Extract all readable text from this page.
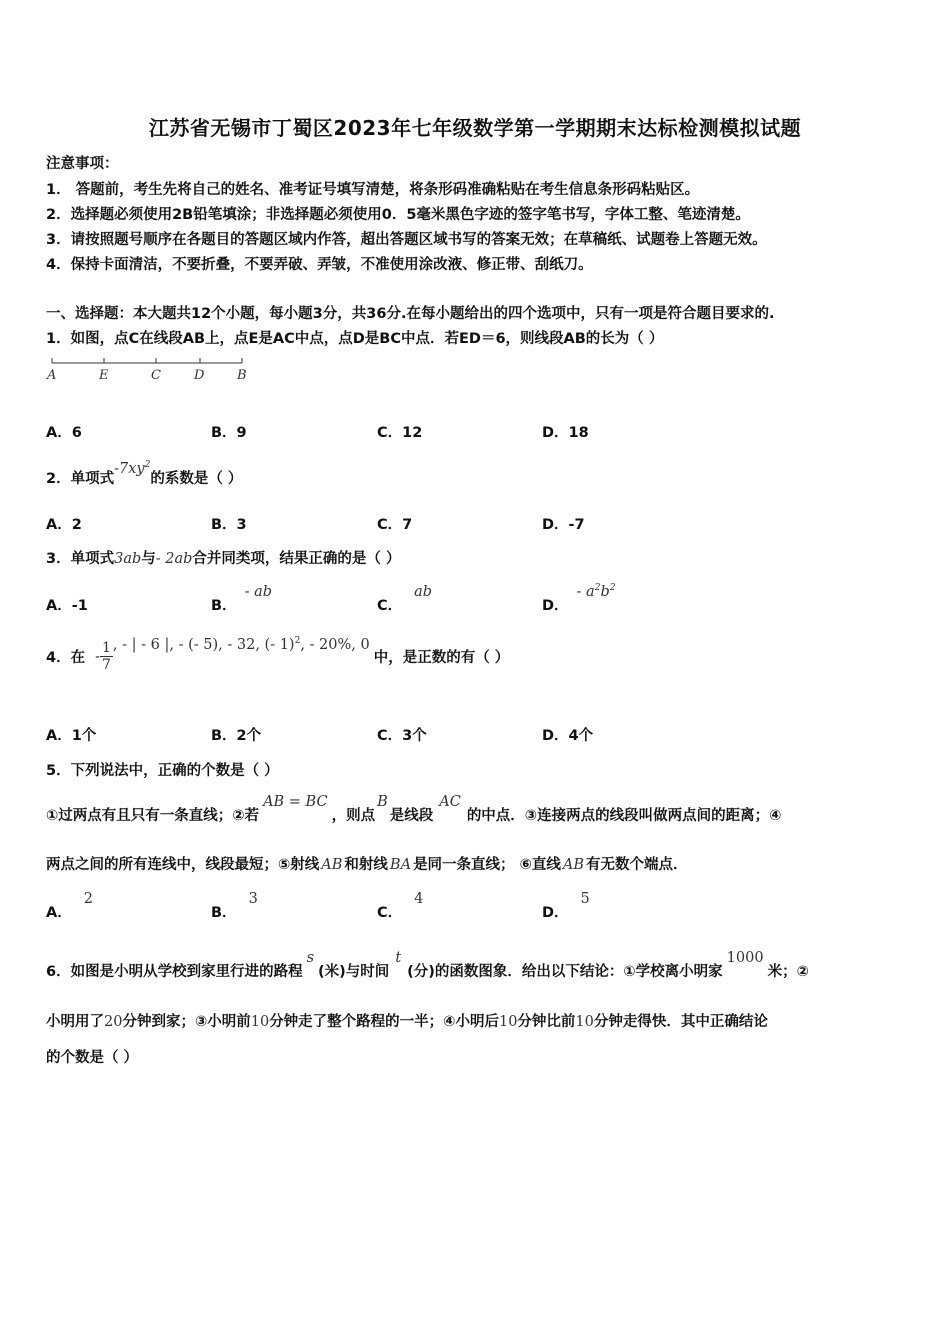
江苏省无锡市丁蜀区2023年七年级数学第一学期期末达标检测模拟试题
注意事项：
1． 答题前，考生先将自己的姓名、准考证号填写清楚，将条形码准确粘贴在考生信息条形码粘贴区。
2．选择题必须使用2B铅笔填涂；非选择题必须使用0．5毫米黑色字迹的签字笔书写，字体工整、笔迹清楚。
3．请按照题号顺序在各题目的答题区域内作答，超出答题区域书写的答案无效；在草稿纸、试题卷上答题无效。
4．保持卡面清洁，不要折叠，不要弄破、弄皱，不准使用涂改液、修正带、刮纸刀。
一、选择题：本大题共12个小题，每小题3分，共36分.在每小题给出的四个选项中，只有一项是符合题目要求的.
1．如图，点C在线段AB上，点E是AC中点，点D是BC中点．若ED＝6，则线段AB的长为（ ）
A	E	C	D	B
A．6	B．9	C．12	D．18
2．单项式$-7xy^2$的系数是（ ）
A．2	B．3	C．7	D．-7
3．单项式3ab与- 2ab合并同类项，结果正确的是（ ）
A．-1	B．- ab
C．ab
D．- $a^2b^2$
4．在 - $\frac{1}{7}$ , - | - 6 |, - (- 5), - 32, (- 1)$^2$, - 20%, 0中，是正数的有（ ）
A．1个	B．2个	C．3个	D．4个
5．下列说法中，正确的个数是（ ）
①过两点有且只有一条直线；②若AB = BC，则点B是线段AC的中点．③连接两点的线段叫做两点间的距离；④
两点之间的所有连线中，线段最短；⑤射线 AB 和射线 BA 是同一条直线； ⑥直线 AB 有无数个端点．
A．2
B．3
C．4
D．5
6．如图是小明从学校到家里行进的路程s(米)与时间t(分)的函数图象．给出以下结论：①学校离小明家1000米；②
小明用了20分钟到家；③小明前10分钟走了整个路程的一半；④小明后10分钟比前10分钟走得快．其中正确结论
的个数是（ ）
